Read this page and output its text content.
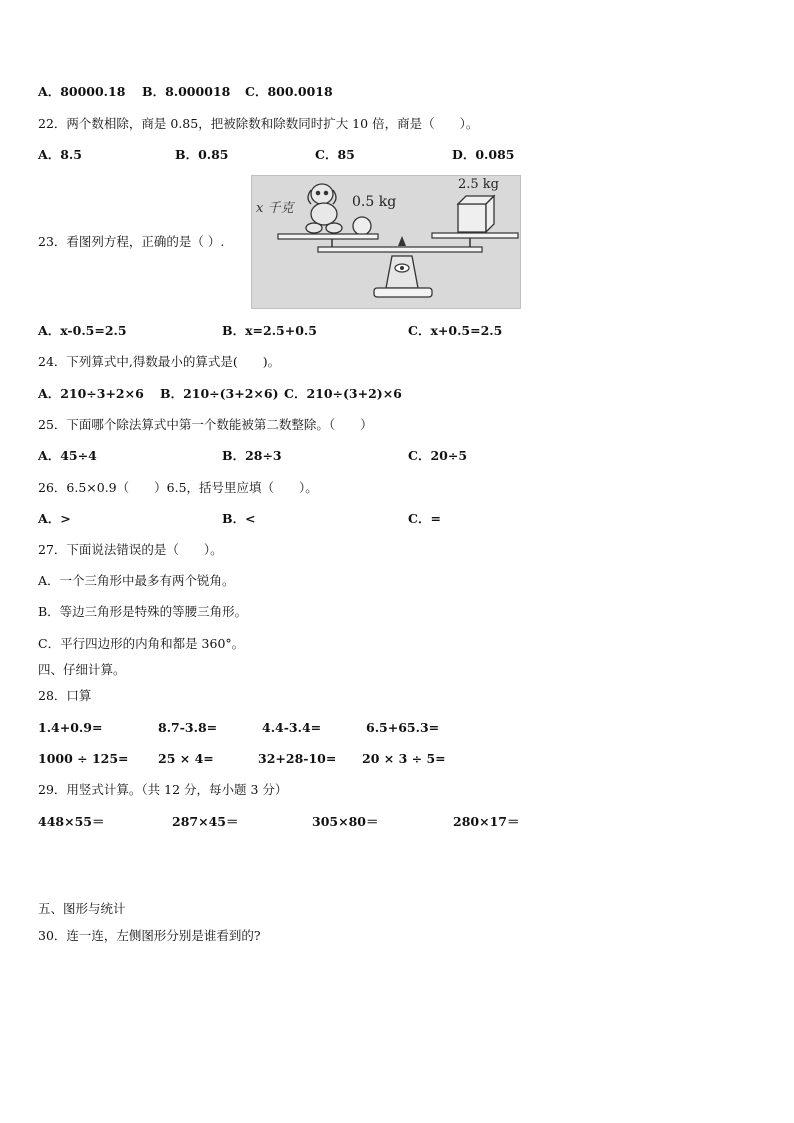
A．80000.18 B．8.000018 C．800.0018
22．两个数相除，商是 0.85，把被除数和除数同时扩大 10 倍，商是（　　）。
A．8.5	B．0.85	C．85	D．0.085
23．看图列方程，正确的是（ ）.
x 千克	0.5 kg
2.5 kg
A．x-0.5=2.5	B．x=2.5+0.5	C．x+0.5=2.5
24．下列算式中,得数最小的算式是(　　)。
A．210÷3+2×6 B．210÷(3+2×6) C．210÷(3+2)×6
25．下面哪个除法算式中第一个数能被第二数整除。（　　）
A．45÷4	B．28÷3	C．20÷5
26．6.5×0.9（　　）6.5，括号里应填（　　）。
A．>	B．<	C．=
27．下面说法错误的是（　　）。
A．一个三角形中最多有两个锐角。
B．等边三角形是特殊的等腰三角形。
C．平行四边形的内角和都是 360°。
四、仔细计算。
28．口算
1.4+0.9=	8.7-3.8=	4.4-3.4=	6.5+65.3=
1000 ÷ 125= 25 × 4=	32+28-10= 20 × 3 ÷ 5=
29．用竖式计算。（共 12 分，每小题 3 分）
448×55＝	287×45＝	305×80＝	280×17＝
五、图形与统计
30．连一连，左侧图形分别是谁看到的?
